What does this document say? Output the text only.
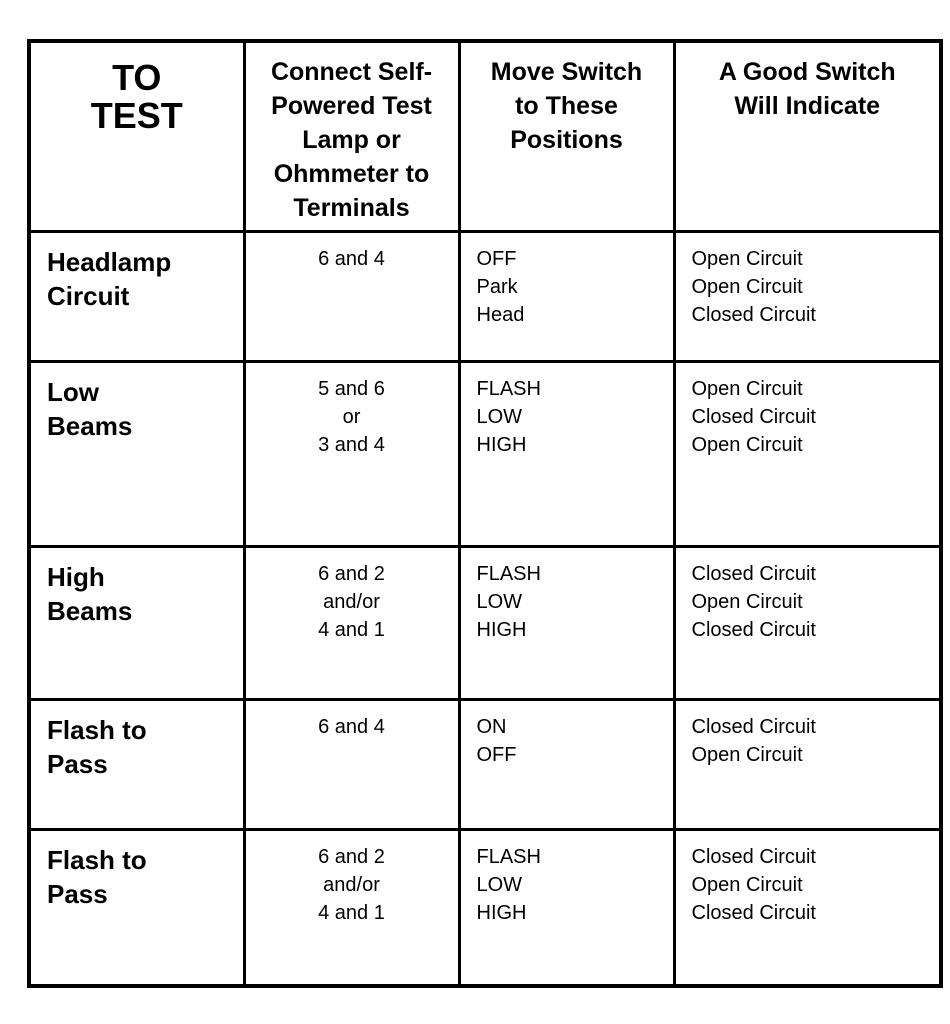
TO
TEST	Connect Self-
Powered Test
Lamp or
Ohmmeter to
Terminals	Move Switch
to These
Positions	A Good Switch
Will Indicate

Headlamp
Circuit	6 and 4	OFF
Park
Head	Open Circuit
Open Circuit
Closed Circuit

Low
Beams	5 and 6
or
3 and 4	FLASH
LOW
HIGH	Open Circuit
Closed Circuit
Open Circuit

High
Beams	6 and 2
and/or
4 and 1	FLASH
LOW
HIGH	Closed Circuit
Open Circuit
Closed Circuit

Flash to
Pass	6 and 4	ON
OFF	Closed Circuit
Open Circuit

Flash to
Pass	6 and 2
and/or
4 and 1	FLASH
LOW
HIGH	Closed Circuit
Open Circuit
Closed Circuit
